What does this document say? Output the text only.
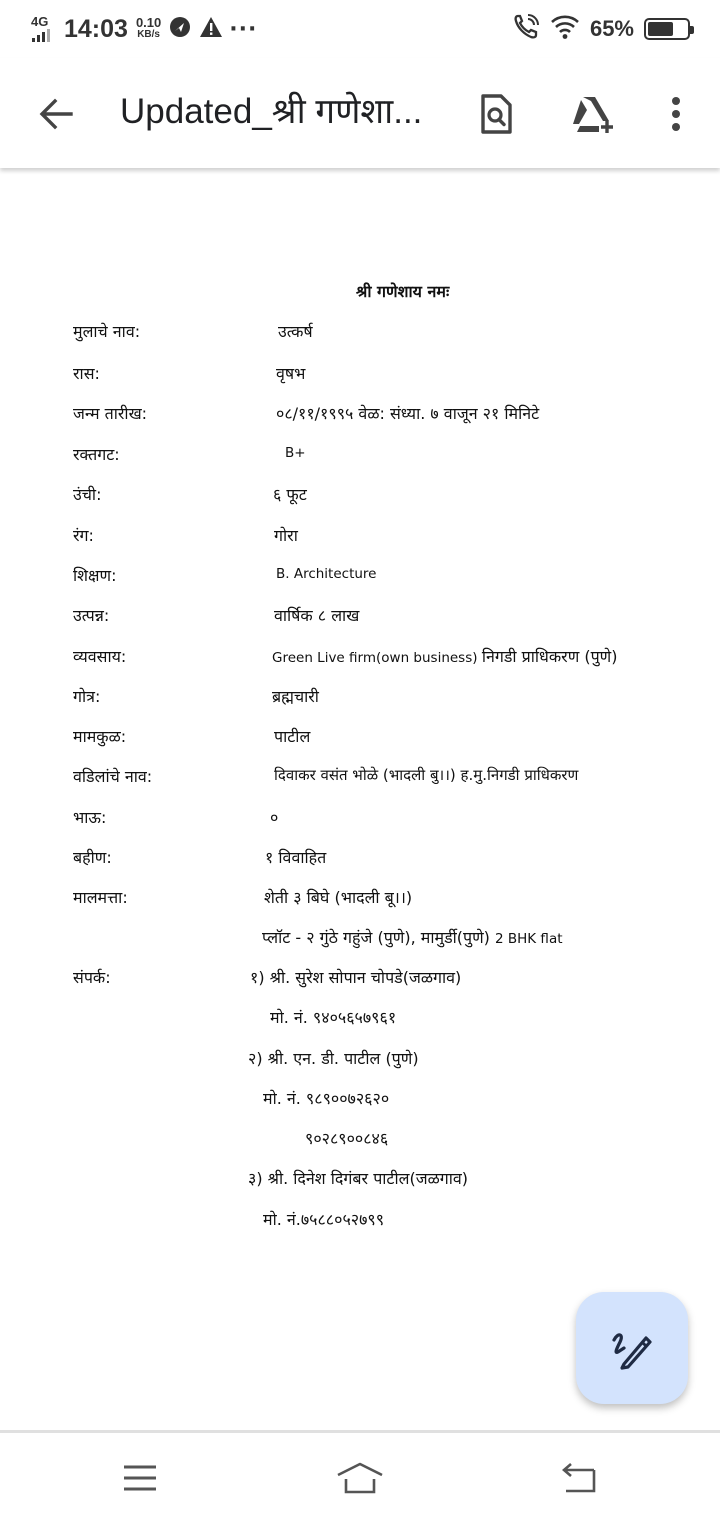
4G 14:03 0.10
KB/s	···	65%
Updated_श्री गणेशा...
श्री गणेशाय नमः
मुलाचे नाव:	उत्कर्ष
रास:	वृषभ
जन्म तारीख:	०८/११/१९९५ वेळ: संध्या. ७ वाजून २१ मिनिटे
रक्तगट:	B+
उंची:	६ फूट
रंग:	गोरा
शिक्षण:	B. Architecture
उत्पन्न:	वार्षिक ८ लाख
व्यवसाय:	Green Live firm(own business) निगडी प्राधिकरण (पुणे)
गोत्र:	ब्रह्मचारी
मामकुळ:	पाटील
वडिलांचे नाव:	दिवाकर वसंत भोळे (भादली बु।।) ह.मु.निगडी प्राधिकरण
भाऊ:	०
बहीण:	१ विवाहित
मालमत्ता:	शेती ३ बिघे (भादली बू।।)
प्लॉट - २ गुंठे गहुंजे (पुणे), मामुर्डी(पुणे) 2 BHK flat
संपर्क:	१) श्री. सुरेश सोपान चोपडे(जळगाव)
मो. नं. ९४०५६५७९६१
२) श्री. एन. डी. पाटील (पुणे)
मो. नं. ९८९००७२६२०
९०२८९००८४६
३) श्री. दिनेश दिगंबर पाटील(जळगाव)
मो. नं.७५८८०५२७९९
